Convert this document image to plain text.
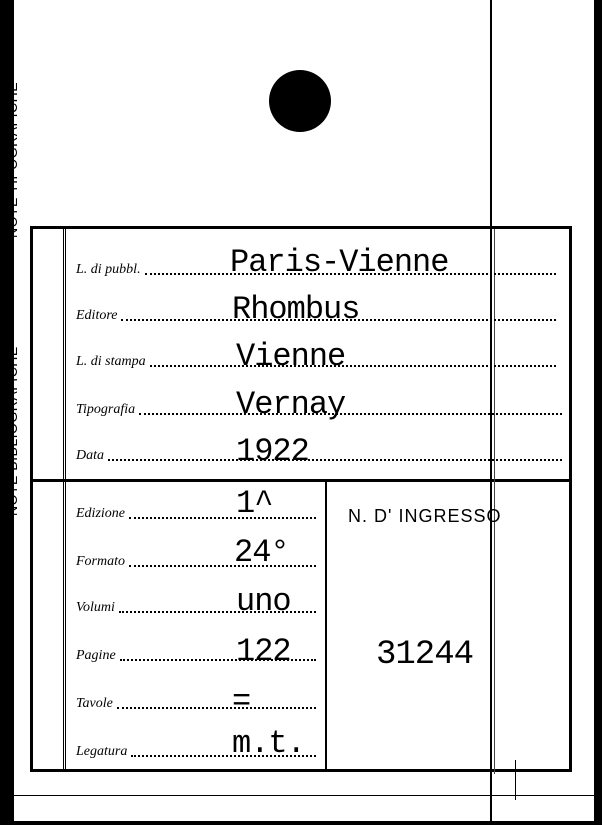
NOTE TIPOGRAFICHE
NOTE BIBLIOGRAFICHE
L. di pubbl.	Paris-Vienne
Editore	Rhombus
L. di stampa	Vienne
Tipografia	Vernay
Data	1922
Edizione	1^
Formato	24°
Volumi	uno
Pagine	122
Tavole	=
Legatura	m.t.
N. D' INGRESSO
31244
